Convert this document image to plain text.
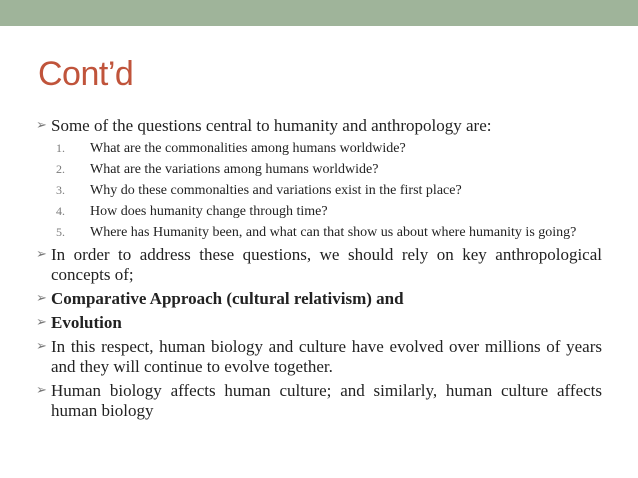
Cont’d
➢ Some of the questions central to humanity and anthropology are:
1. What are the commonalities among humans worldwide?
2. What are the variations among humans worldwide?
3. Why do these commonalties and variations exist in the first place?
4. How does humanity change through time?
5. Where has Humanity been, and what can that show us about where humanity is going?
➢ In order to address these questions, we should rely on key anthropological concepts of;
➢ Comparative Approach (cultural relativism) and
➢ Evolution
➢ In this respect, human biology and culture have evolved over millions of years and they will continue to evolve together.
➢ Human biology affects human culture; and similarly, human culture affects human biology
